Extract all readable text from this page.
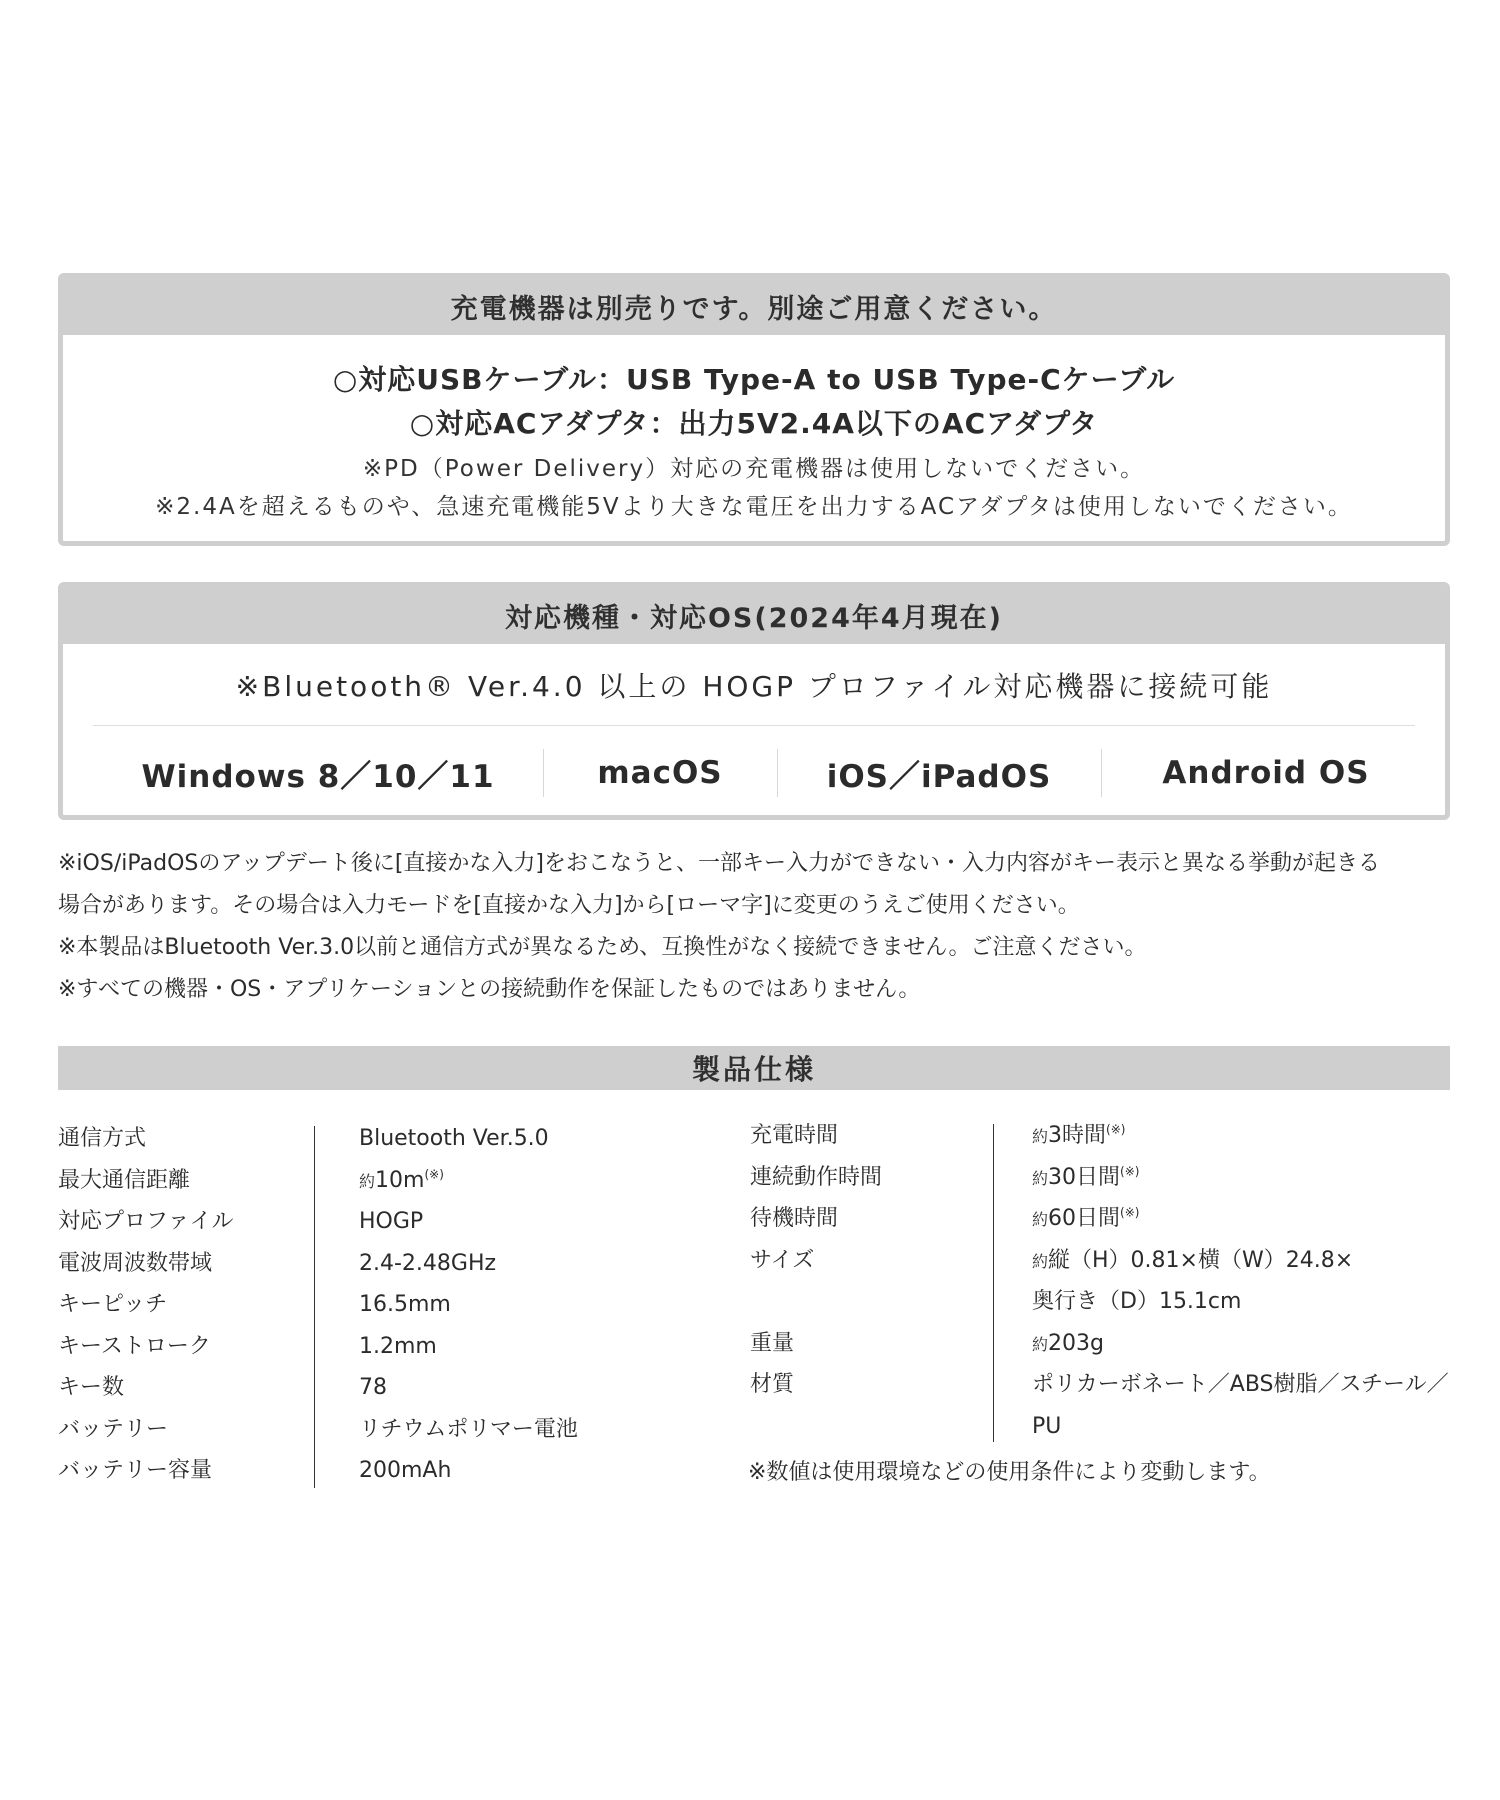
充電機器は別売りです。別途ご用意ください。
○対応USBケーブル：USB Type-A to USB Type-Cケーブル
○対応ACアダプタ：出力5V2.4A以下のACアダプタ
※PD（Power Delivery）対応の充電機器は使用しないでください。
※2.4Aを超えるものや、急速充電機能5Vより大きな電圧を出力するACアダプタは使用しないでください。
対応機種・対応OS(2024年4月現在)
※Bluetooth® Ver.4.0 以上の HOGP プロファイル対応機器に接続可能
Windows 8／10／11	macOS	iOS／iPadOS	Android OS
※iOS/iPadOSのアップデート後に[直接かな入力]をおこなうと、一部キー入力ができない・入力内容がキー表示と異なる挙動が起きる
場合があります。その場合は入力モードを[直接かな入力]から[ローマ字]に変更のうえご使用ください。
※本製品はBluetooth Ver.3.0以前と通信方式が異なるため、互換性がなく接続できません。ご注意ください。
※すべての機器・OS・アプリケーションとの接続動作を保証したものではありません。
製品仕様
通信方式	Bluetooth Ver.5.0
最大通信距離	約10m(※)
対応プロファイル	HOGP
電波周波数帯域	2.4-2.48GHz
キーピッチ	16.5mm
キーストローク	1.2mm
キー数	78
バッテリー	リチウムポリマー電池
バッテリー容量	200mAh
充電時間	約3時間(※)
連続動作時間	約30日間(※)
待機時間	約60日間(※)
サイズ	約縦（H）0.81×横（W）24.8×
奥行き（D）15.1cm
重量	約203g
材質	ポリカーボネート／ABS樹脂／スチール／
PU
※数値は使用環境などの使用条件により変動します。
